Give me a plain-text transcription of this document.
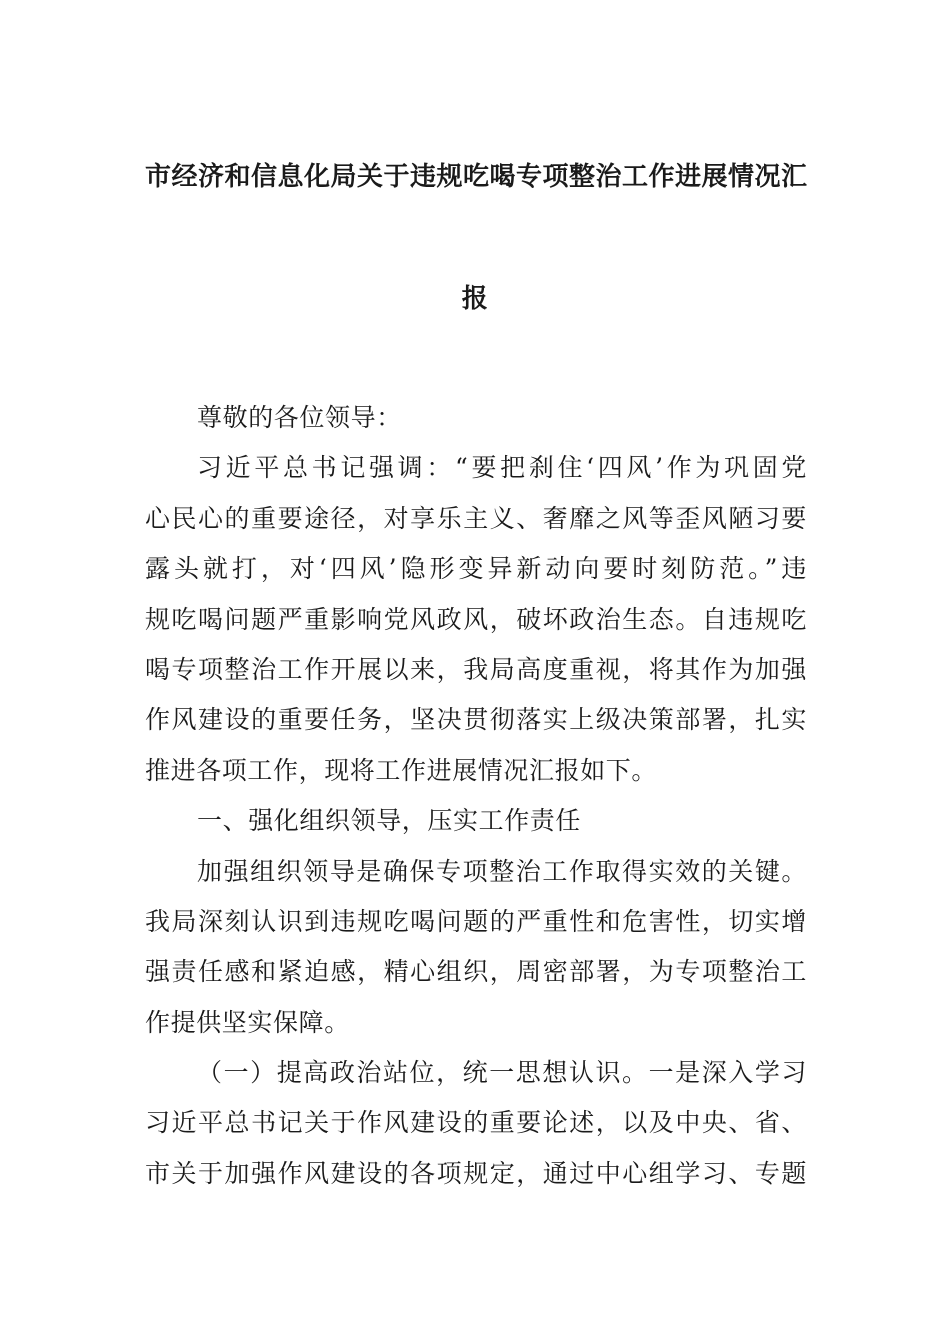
市经济和信息化局关于违规吃喝专项整治工作进展情况汇
报
尊敬的各位领导：
习近平总书记强调：“要把刹住‘四风’作为巩固党
心民心的重要途径，对享乐主义、奢靡之风等歪风陋习要
露头就打，对‘四风’隐形变异新动向要时刻防范。”违
规吃喝问题严重影响党风政风，破坏政治生态。自违规吃
喝专项整治工作开展以来，我局高度重视，将其作为加强
作风建设的重要任务，坚决贯彻落实上级决策部署，扎实
推进各项工作，现将工作进展情况汇报如下。
一、强化组织领导，压实工作责任
加强组织领导是确保专项整治工作取得实效的关键。
我局深刻认识到违规吃喝问题的严重性和危害性，切实增
强责任感和紧迫感，精心组织，周密部署，为专项整治工
作提供坚实保障。
（一）提高政治站位，统一思想认识。一是深入学习
习近平总书记关于作风建设的重要论述，以及中央、省、
市关于加强作风建设的各项规定，通过中心组学习、专题
